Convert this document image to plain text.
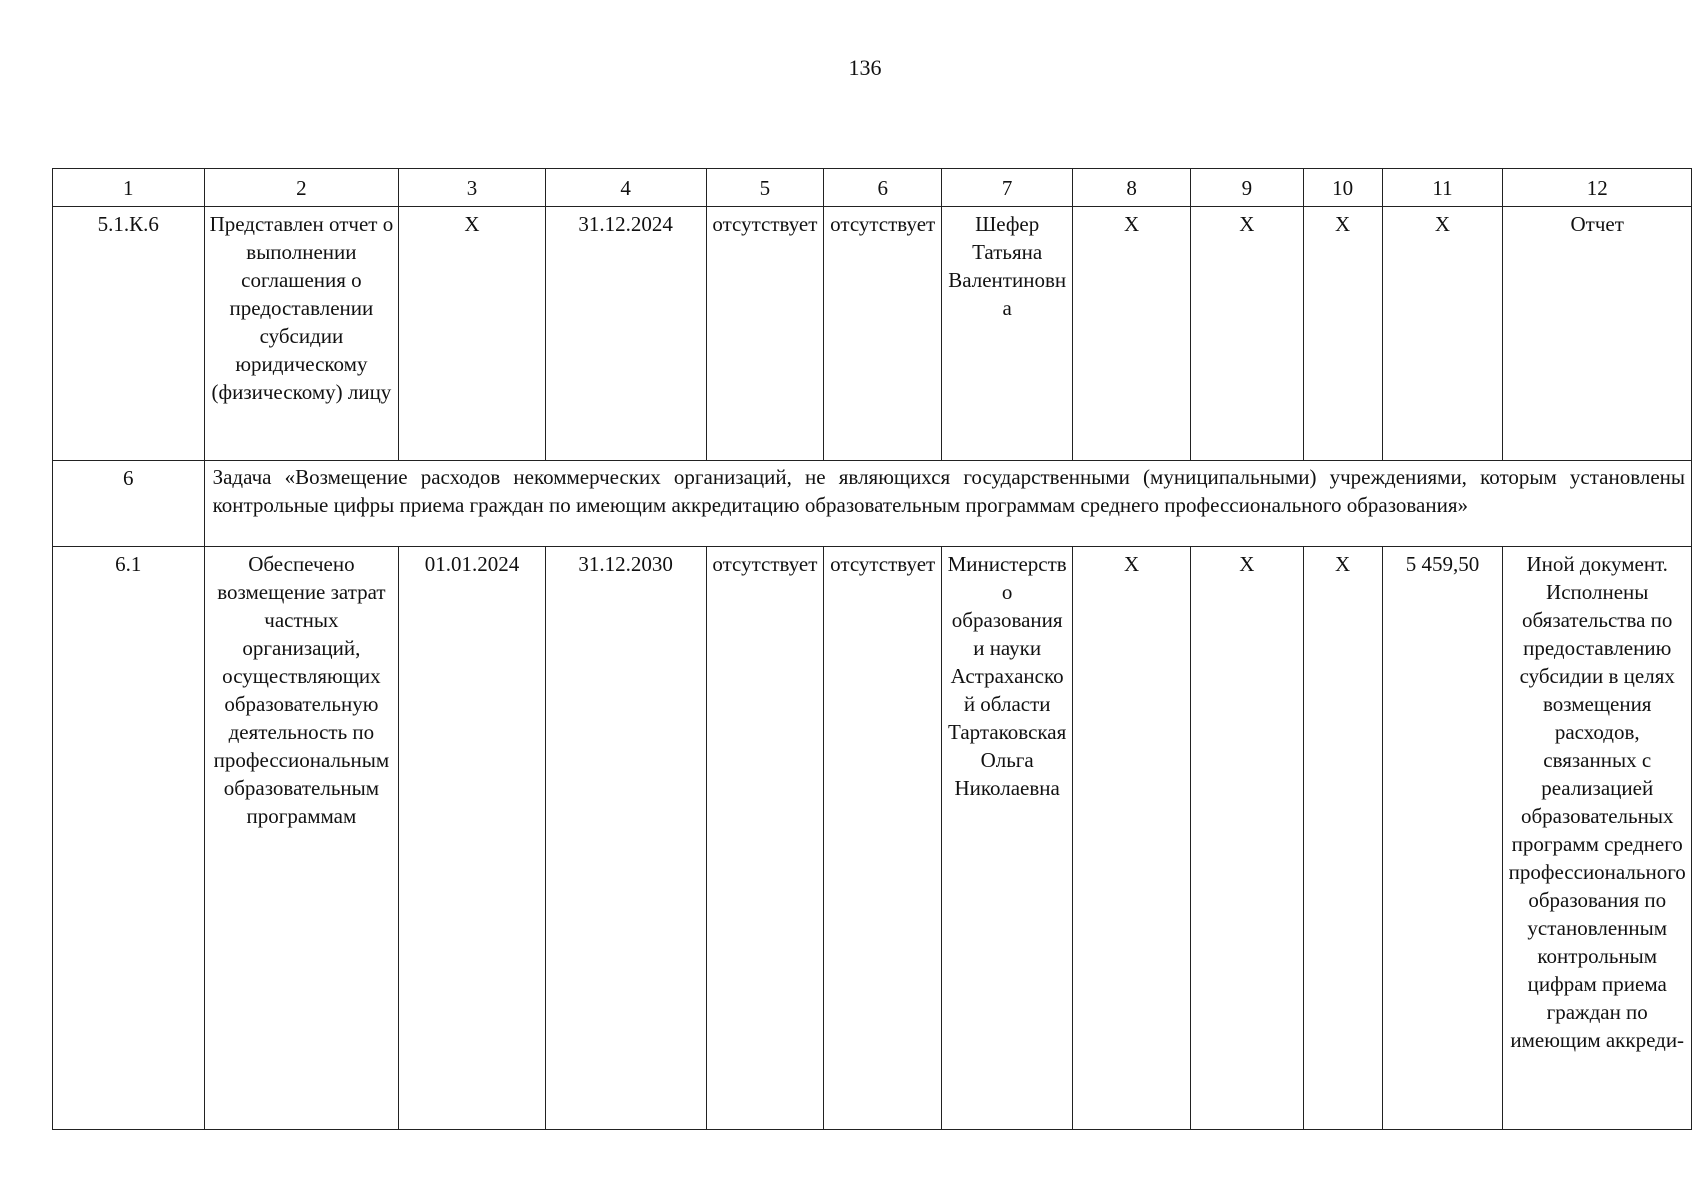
136
1	2	3	4	5	6	7	8	9	10	11	12
5.1.К.6	Представлен отчет о выполнении соглашения о предоставлении субсидии юридическому (физическому) лицу	Х	31.12.2024	отсутствует	отсутствует	Шефер Татьяна Валентиновна	Х	Х	Х	Х	Отчет
6	Задача «Возмещение расходов некоммерческих организаций, не являющихся государственными (муниципальными) учреждениями, которым установлены контрольные цифры приема граждан по имеющим аккредитацию образовательным программам среднего профессионального образования»										
6.1	Обеспечено возмещение затрат частных организаций, осуществляющих образовательную деятельность по профессиональным образовательным программам	01.01.2024	31.12.2030	отсутствует	отсутствует	Министерство образования и науки Астраханской области Тартаковская Ольга Николаевна	Х	Х	Х	5 459,50	Иной документ. Исполнены обязательства по предоставлению субсидии в целях возмещения расходов, связанных с реализацией образовательных программ среднего профессионального образования по установленным контрольным цифрам приема граждан по имеющим аккреди-
